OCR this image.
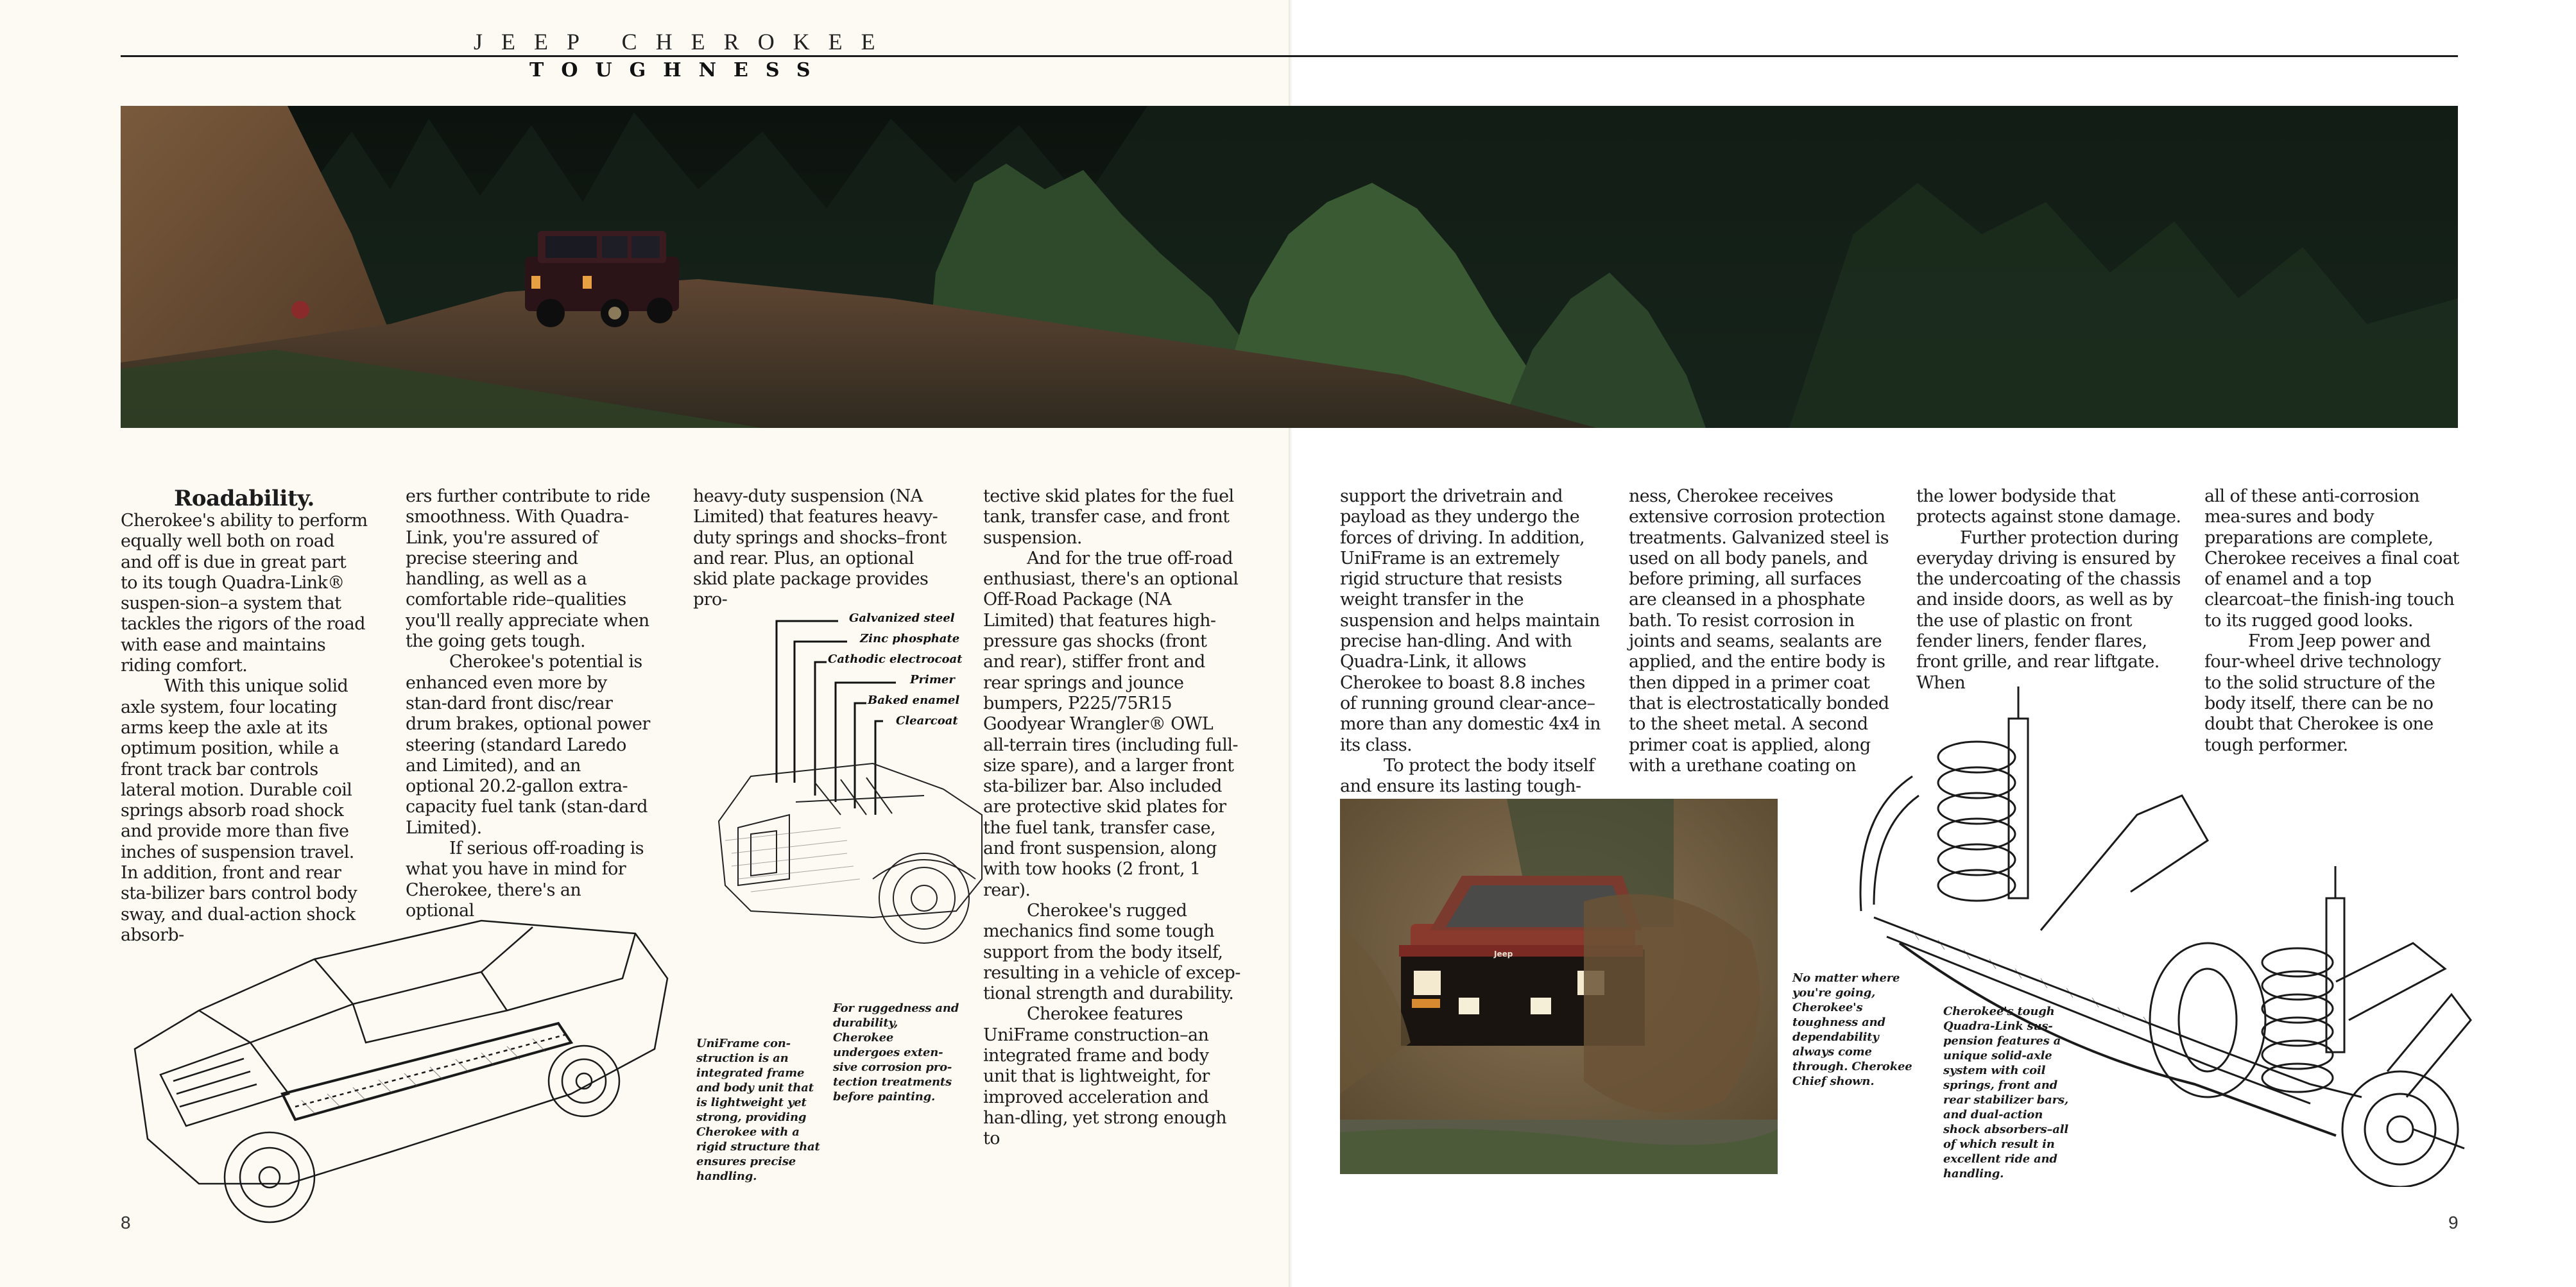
JEEP CHEROKEE
TOUGHNESS
Roadability.

Cherokee's ability to perform equally well both on road and off is due in great part to its tough Quadra-Link® suspen-sion–a system that tackles the rigors of the road with ease and maintains riding comfort.

With this unique solid axle system, four locating arms keep the axle at its optimum position, while a front track bar controls lateral motion. Durable coil springs absorb road shock and provide more than five inches of suspension travel. In addition, front and rear sta-bilizer bars control body sway, and dual-action shock absorb-

ers further contribute to ride smoothness. With Quadra-Link, you're assured of precise steering and handling, as well as a comfortable ride–qualities you'll really appreciate when the going gets tough.

Cherokee's potential is enhanced even more by stan-dard front disc/rear drum brakes, optional power steering (standard Laredo and Limited), and an optional 20.2-gallon extra-capacity fuel tank (stan-dard Limited).

If serious off-roading is what you have in mind for Cherokee, there's an optional

heavy-duty suspension (NA Limited) that features heavy-duty springs and shocks–front and rear. Plus, an optional skid plate package provides pro-

tective skid plates for the fuel tank, transfer case, and front suspension.

And for the true off-road enthusiast, there's an optional Off-Road Package (NA Limited) that features high-pressure gas shocks (front and rear), stiffer front and rear springs and jounce bumpers, P225/75R15 Goodyear Wrangler® OWL all-terrain tires (including full-size spare), and a larger front sta-bilizer bar. Also included are protective skid plates for the fuel tank, transfer case, and front suspension, along with tow hooks (2 front, 1 rear).

Cherokee's rugged mechanics find some tough support from the body itself, resulting in a vehicle of excep-tional strength and durability.

Cherokee features UniFrame construction–an integrated frame and body unit that is lightweight, for improved acceleration and han-dling, yet strong enough to

Galvanized steel
Zinc phosphate
Cathodic electrocoat
Primer
Baked enamel
Clearcoat
UniFrame con-struction is an integrated frame and body unit that is lightweight yet strong, providing Cherokee with a rigid structure that ensures precise handling.
For ruggedness and durability, Cherokee undergoes exten-sive corrosion pro-tection treatments before painting.
8

support the drivetrain and payload as they undergo the forces of driving. In addition, UniFrame is an extremely rigid structure that resists weight transfer in the suspension and helps maintain precise han-dling. And with Quadra-Link, it allows Cherokee to boast 8.8 inches of running ground clear-ance–more than any domestic 4x4 in its class.

To protect the body itself and ensure its lasting tough-

ness, Cherokee receives extensive corrosion protection treatments. Galvanized steel is used on all body panels, and before priming, all surfaces are cleansed in a phosphate bath. To resist corrosion in joints and seams, sealants are applied, and the entire body is then dipped in a primer coat that is electrostatically bonded to the sheet metal. A second primer coat is applied, along with a urethane coating on

the lower bodyside that protects against stone damage.

Further protection during everyday driving is ensured by the undercoating of the chassis and inside doors, as well as by the use of plastic on front fender liners, fender flares, front grille, and rear liftgate. When

all of these anti-corrosion mea-sures and body preparations are complete, Cherokee receives a final coat of enamel and a top clearcoat–the finish-ing touch to its rugged good looks.

From Jeep power and four-wheel drive technology to the solid structure of the body itself, there can be no doubt that Cherokee is one tough performer.

Jeep
No matter where you're going, Cherokee's toughness and dependability always come through. Cherokee Chief shown.
Cherokee's tough Quadra-Link sus-pension features a unique solid-axle system with coil springs, front and rear stabilizer bars, and dual-action shock absorbers–all of which result in excellent ride and handling.
9
